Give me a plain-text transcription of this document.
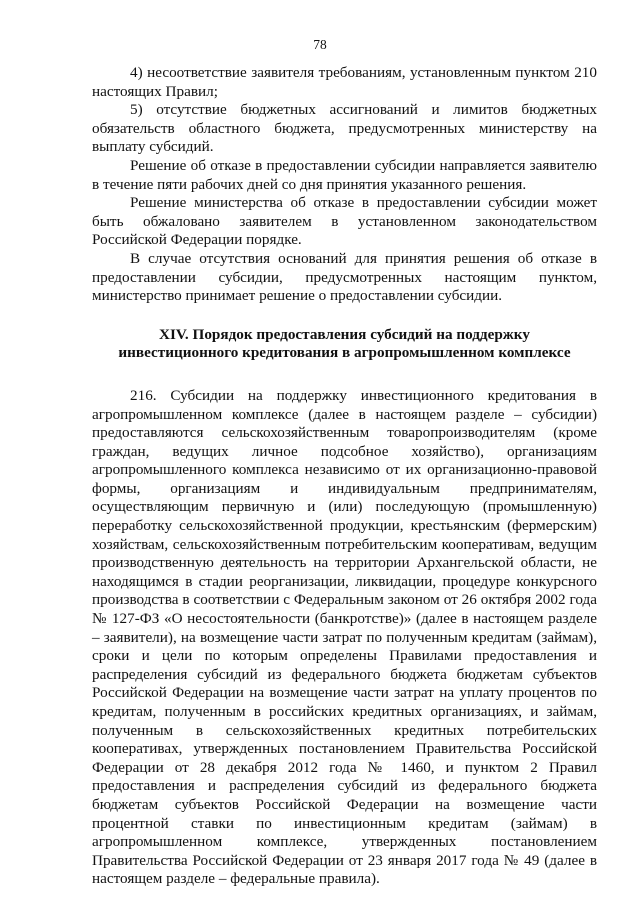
78

4) несоответствие заявителя требованиям, установленным пунктом 210 настоящих Правил;

5) отсутствие бюджетных ассигнований и лимитов бюджетных обязательств областного бюджета, предусмотренных министерству на выплату субсидий.

Решение об отказе в предоставлении субсидии направляется заявителю в течение пяти рабочих дней со дня принятия указанного решения.

Решение министерства об отказе в предоставлении субсидии может быть обжаловано заявителем в установленном законодательством Российской Федерации порядке.

В случае отсутствия оснований для принятия решения об отказе в предоставлении субсидии, предусмотренных настоящим пунктом, министерство принимает решение о предоставлении субсидии.

XIV. Порядок предоставления субсидий на поддержку

инвестиционного кредитования в агропромышленном комплексе

216. Субсидии на поддержку инвестиционного кредитования в агропромышленном комплексе (далее в настоящем разделе – субсидии) предоставляются сельскохозяйственным товаропроизводителям (кроме граждан, ведущих личное подсобное хозяйство), организациям агропромышленного комплекса независимо от их организационно-правовой формы, организациям и индивидуальным предпринимателям, осуществляющим первичную и (или) последующую (промышленную) переработку сельскохозяйственной продукции, крестьянским (фермерским) хозяйствам, сельскохозяйственным потребительским кооперативам, ведущим производственную деятельность на территории Архангельской области, не находящимся в стадии реорганизации, ликвидации, процедуре конкурсного производства в соответствии с Федеральным законом от 26 октября 2002 года № 127-ФЗ «О несостоятельности (банкротстве)» (далее в настоящем разделе – заявители), на возмещение части затрат по полученным кредитам (займам), сроки и цели по которым определены Правилами предоставления и распределения субсидий из федерального бюджета бюджетам субъектов Российской Федерации на возмещение части затрат на уплату процентов по кредитам, полученным в российских кредитных организациях, и займам, полученным в сельскохозяйственных кредитных потребительских кооперативах, утвержденных постановлением Правительства Российской Федерации от 28 декабря 2012 года № 1460, и пунктом 2 Правил предоставления и распределения субсидий из федерального бюджета бюджетам субъектов Российской Федерации на возмещение части процентной ставки по инвестиционным кредитам (займам) в агропромышленном комплексе, утвержденных постановлением Правительства Российской Федерации от 23 января 2017 года № 49 (далее в настоящем разделе – федеральные правила).
